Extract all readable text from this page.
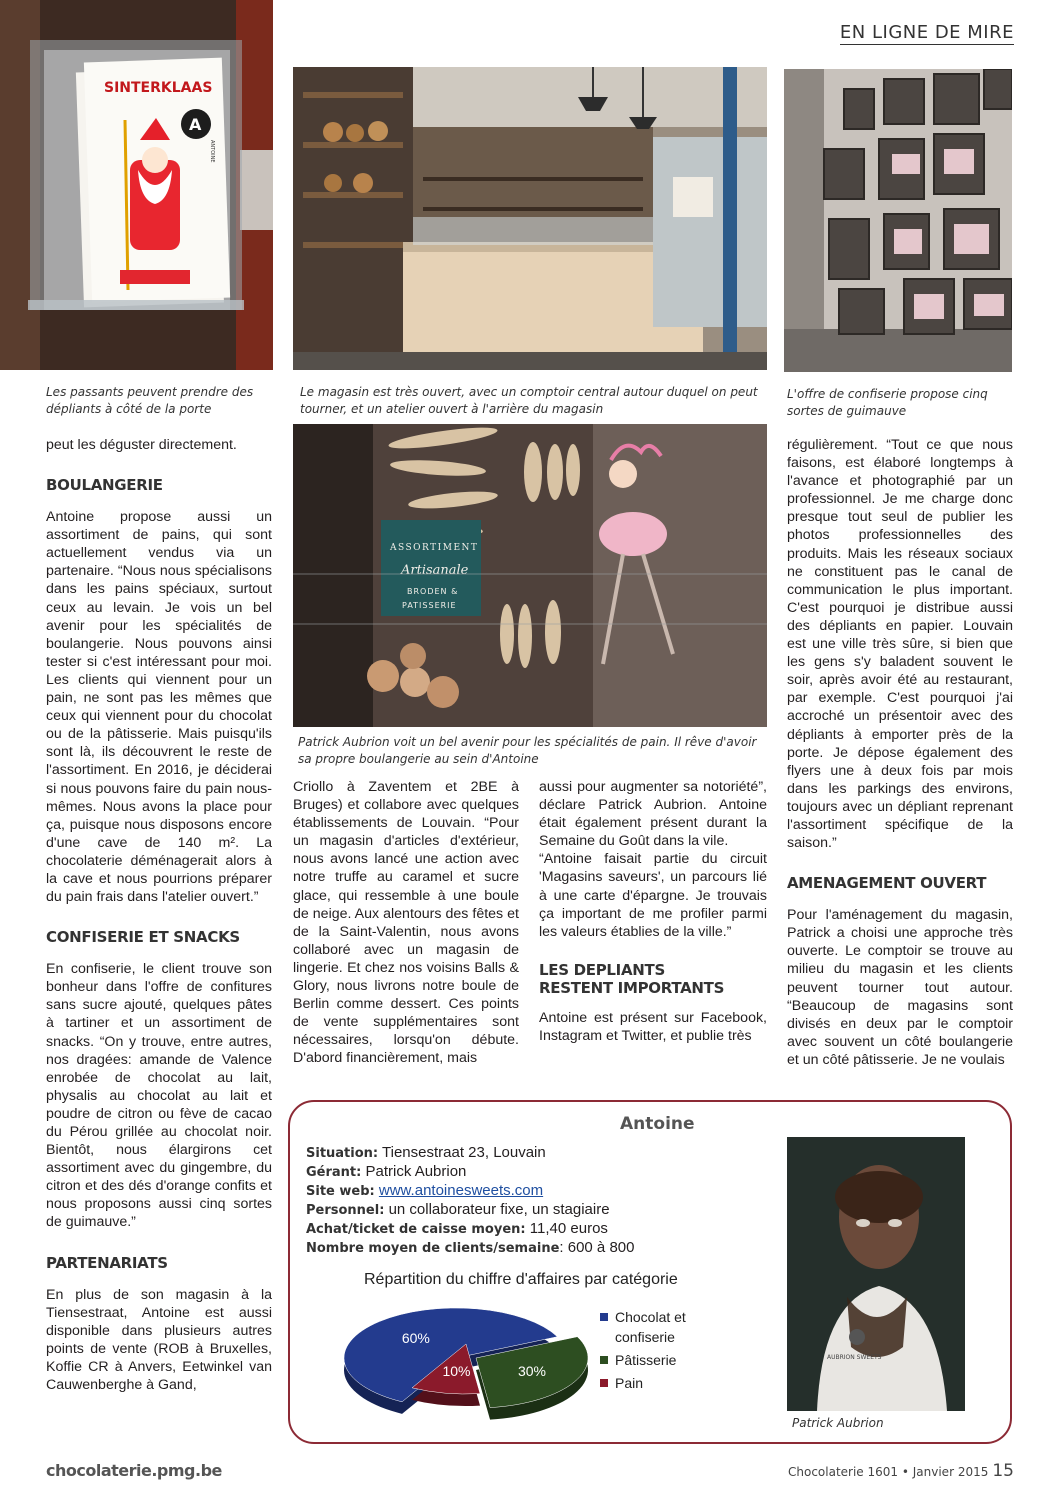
EN LIGNE DE MIRE
SINTERKLAAS
A
ANTOINE
Les passants peuvent prendre des dépliants à côté de la porte
Le magasin est très ouvert, avec un comptoir central autour duquel on peut tourner, et un atelier ouvert à l'arrière du magasin
L'offre de confiserie propose cinq sortes de guimauve
ASSORTIMENT
Artisanale
BRODEN &
PATISSERIE
Patrick Aubrion voit un bel avenir pour les spécialités de pain. Il rêve d'avoir sa propre boulangerie au sein d'Antoine

peut les déguster directement.

BOULANGERIE

Antoine propose aussi un assortiment de pains, qui sont actuellement vendus via un partenaire. “Nous nous spécialisons dans les pains spéciaux, surtout ceux au levain. Je vois un bel avenir pour les spécialités de boulangerie. Nous pouvons ainsi tester si c'est intéressant pour moi. Les clients qui viennent pour un pain, ne sont pas les mêmes que ceux qui viennent pour du chocolat ou de la pâtisserie. Mais puisqu'ils sont là, ils découvrent le reste de l'assortiment. En 2016, je déciderai si nous pouvons faire du pain nous-mêmes. Nous avons la place pour ça, puisque nous disposons encore d'une cave de 140 m². La chocolaterie déménagerait alors à la cave et nous pourrions préparer du pain frais dans l'atelier ouvert.”

CONFISERIE ET SNACKS

En confiserie, le client trouve son bonheur dans l'offre de confitures sans sucre ajouté, quelques pâtes à tartiner et un assortiment de snacks. “On y trouve, entre autres, nos dragées: amande de Valence enrobée de chocolat au lait, physalis au chocolat au lait et poudre de citron ou fève de cacao du Pérou grillée au chocolat noir. Bientôt, nous élargirons cet assortiment avec du gingembre, du citron et des dés d'orange confits et nous proposons aussi cinq sortes de guimauve.”

PARTENARIATS

En plus de son magasin à la Tiensestraat, Antoine est aussi disponible dans plusieurs autres points de vente (ROB à Bruxelles, Koffie CR à Anvers, Eetwinkel van Cauwenberghe à Gand,

Criollo à Zaventem et 2BE à Bruges) et collabore avec quelques établissements de Louvain. “Pour un magasin d'articles d'extérieur, nous avons lancé une action avec notre truffe au caramel et sucre glace, qui ressemble à une boule de neige. Aux alentours des fêtes et de la Saint-Valentin, nous avons collaboré avec un magasin de lingerie. Et chez nos voisins Balls & Glory, nous livrons notre boule de Berlin comme dessert. Ces points de vente supplémentaires sont nécessaires, lorsqu'on débute. D'abord financièrement, mais

aussi pour augmenter sa notoriété”, déclare Patrick Aubrion. Antoine était également présent durant la Semaine du Goût dans la vile.

“Antoine faisait partie du circuit 'Magasins saveurs', un parcours lié à une carte d'épargne. Je trouvais ça important de me profiler parmi les valeurs établies de la ville.”

LES DEPLIANTS
RESTENT IMPORTANTS

Antoine est présent sur Facebook, Instagram et Twitter, et publie très

régulièrement. “Tout ce que nous faisons, est élaboré longtemps à l'avance et photographié par un professionnel. Je me charge donc presque tout seul de publier les photos professionnelles des produits. Mais les réseaux sociaux ne constituent pas le canal de communication le plus important. C'est pourquoi je distribue aussi des dépliants en papier. Louvain est une ville très sûre, si bien que les gens s'y baladent souvent le soir, après avoir été au restaurant, par exemple. C'est pourquoi j'ai accroché un présentoir avec des dépliants à emporter près de la porte. Je dépose également des flyers une à deux fois par mois dans les parkings des environs, toujours avec un dépliant reprenant l'assortiment spécifique de la saison.”

AMENAGEMENT OUVERT

Pour l'aménagement du magasin, Patrick a choisi une approche très ouverte. Le comptoir se trouve au milieu du magasin et les clients peuvent tourner tout autour. “Beaucoup de magasins sont divisés en deux par le comptoir avec souvent un côté boulangerie et un côté pâtisserie. Je ne voulais

Antoine
Situation: Tiensestraat 23, Louvain
Gérant: Patrick Aubrion
Site web: www.antoinesweets.com
Personnel: un collaborateur fixe, un stagiaire
Achat/ticket de caisse moyen: 11,40 euros
Nombre moyen de clients/semaine: 600 à 800
Répartition du chiffre d'affaires par catégorie
60%
30%
10%
Chocolat et confiserie
Pâtisserie
Pain
AUBRION SWEETS
Patrick Aubrion
chocolaterie.pmg.be	Chocolaterie 1601 • Janvier 2015 15
